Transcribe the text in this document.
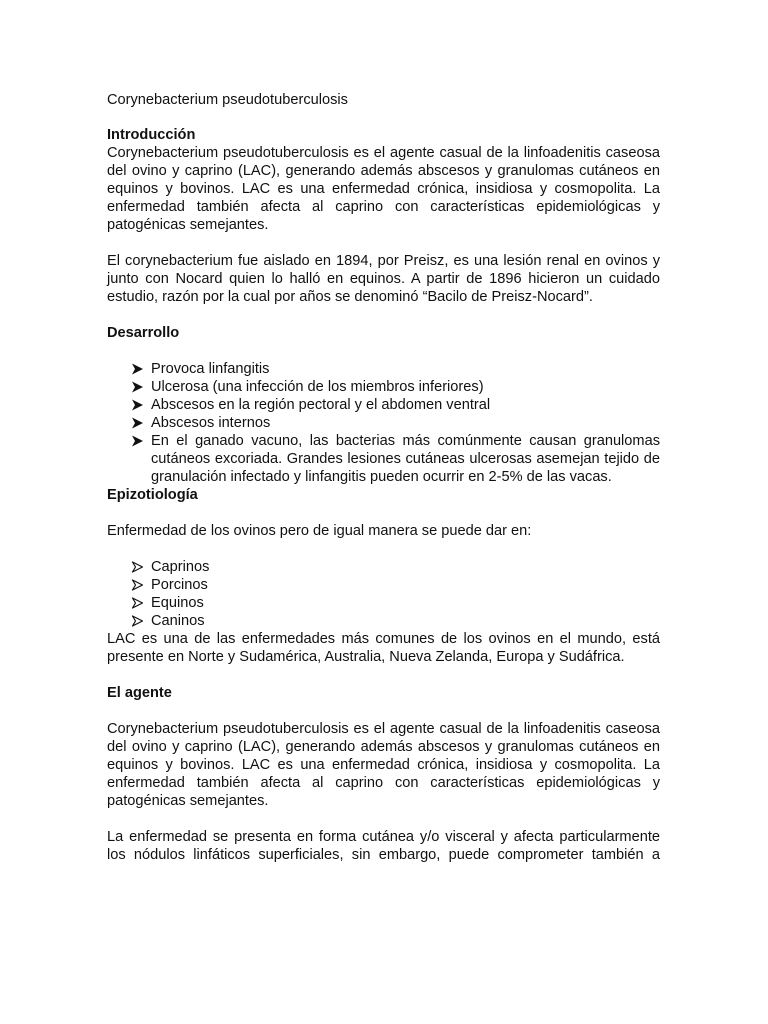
Corynebacterium pseudotuberculosis

Introducción

Corynebacterium pseudotuberculosis es el agente casual de la linfoadenitis caseosa del ovino y caprino (LAC), generando además abscesos y granulomas cutáneos en equinos y bovinos. LAC es una enfermedad crónica, insidiosa y cosmopolita. La enfermedad también afecta al caprino con características epidemiológicas y patogénicas semejantes.

El corynebacterium fue aislado en 1894, por Preisz, es una lesión renal en ovinos y junto con Nocard quien lo halló en equinos. A partir de 1896 hicieron un cuidado estudio, razón por la cual por años se denominó “Bacilo de Preisz-Nocard”.

Desarrollo

Provoca linfangitis
Ulcerosa (una infección de los miembros inferiores)
Abscesos en la región pectoral y el abdomen ventral
Abscesos internos
En el ganado vacuno, las bacterias más comúnmente causan granulomas cutáneos excoriada. Grandes lesiones cutáneas ulcerosas asemejan tejido de granulación infectado y linfangitis pueden ocurrir en 2-5% de las vacas.

Epizotiología

Enfermedad de los ovinos pero de igual manera se puede dar en:

Caprinos
Porcinos
Equinos
Caninos

LAC es una de las enfermedades más comunes de los ovinos en el mundo, está presente en Norte y Sudamérica, Australia, Nueva Zelanda, Europa y Sudáfrica.

El agente

Corynebacterium pseudotuberculosis es el agente casual de la linfoadenitis caseosa del ovino y caprino (LAC), generando además abscesos y granulomas cutáneos en equinos y bovinos. LAC es una enfermedad crónica, insidiosa y cosmopolita. La enfermedad también afecta al caprino con características epidemiológicas y patogénicas semejantes.

La enfermedad se presenta en forma cutánea y/o visceral y afecta particularmente los nódulos linfáticos superficiales, sin embargo, puede comprometer también a
